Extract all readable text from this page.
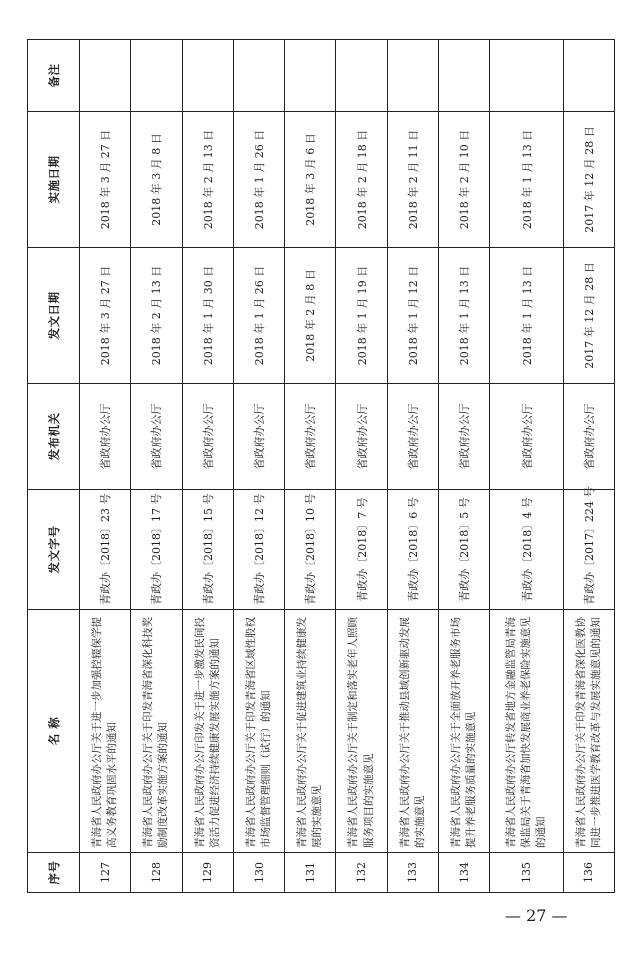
序号	名 称	发文字号	发布机关	发文日期	实施日期	备注
127	青海省人民政府办公厅关于进一步加强控辍保学提高义务教育巩固水平的通知	青政办〔2018〕23 号	省政府办公厅	2018 年 3 月 27 日	2018 年 3 月 27 日	
128	青海省人民政府办公厅关于印发青海省深化科技奖励制度改革实施方案的通知	青政办〔2018〕17 号	省政府办公厅	2018 年 2 月 13 日	2018 年 3 月 8 日	
129	青海省人民政府办公厅印发关于进一步激发民间投资活力促进经济持续健康发展实施方案的通知	青政办〔2018〕15 号	省政府办公厅	2018 年 1 月 30 日	2018 年 2 月 13 日	
130	青海省人民政府办公厅关于印发青海省区域性股权市场监督管理细则（试行）的通知	青政办〔2018〕12 号	省政府办公厅	2018 年 1 月 26 日	2018 年 1 月 26 日	
131	青海省人民政府办公厅关于促进建筑业持续健康发展的实施意见	青政办〔2018〕10 号	省政府办公厅	2018 年 2 月 8 日	2018 年 3 月 6 日	
132	青海省人民政府办公厅关于制定和落实老年人照顾服务项目的实施意见	青政办〔2018〕7 号	省政府办公厅	2018 年 1 月 19 日	2018 年 2 月 18 日	
133	青海省人民政府办公厅关于推动县域创新驱动发展的实施意见	青政办〔2018〕6 号	省政府办公厅	2018 年 1 月 12 日	2018 年 2 月 11 日	
134	青海省人民政府办公厅关于全面放开养老服务市场提升养老服务质量的实施意见	青政办〔2018〕5 号	省政府办公厅	2018 年 1 月 13 日	2018 年 2 月 10 日	
135	青海省人民政府办公厅转发省地方金融监管局青海保监局关于青海省加快发展商业养老保险实施意见的通知	青政办〔2018〕4 号	省政府办公厅	2018 年 1 月 13 日	2018 年 1 月 13 日	
136	青海省人民政府办公厅关于印发青海省深化医教协同进一步推进医学教育改革与发展实施意见的通知	青政办〔2017〕224 号	省政府办公厅	2017 年 12 月 28 日	2017 年 12 月 28 日	
— 27 —
